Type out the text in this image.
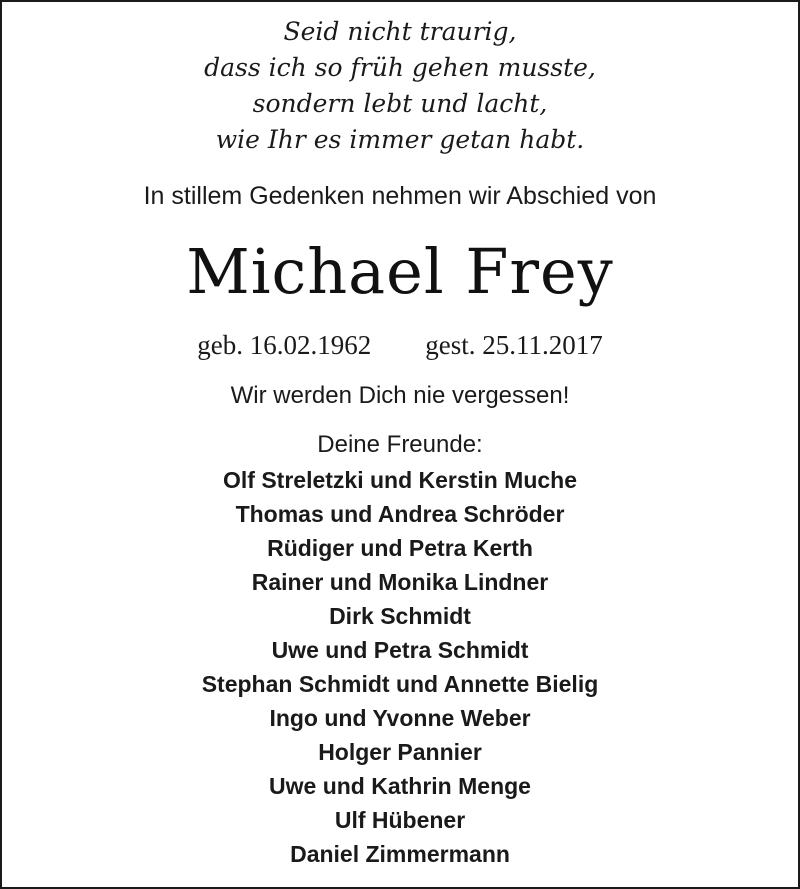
Seid nicht traurig,
dass ich so früh gehen musste,
sondern lebt und lacht,
wie Ihr es immer getan habt.
In stillem Gedenken nehmen wir Abschied von
Michael Frey
geb. 16.02.1962 gest. 25.11.2017
Wir werden Dich nie vergessen!
Deine Freunde:
Olf Streletzki und Kerstin Muche
Thomas und Andrea Schröder
Rüdiger und Petra Kerth
Rainer und Monika Lindner
Dirk Schmidt
Uwe und Petra Schmidt
Stephan Schmidt und Annette Bielig
Ingo und Yvonne Weber
Holger Pannier
Uwe und Kathrin Menge
Ulf Hübener
Daniel Zimmermann
